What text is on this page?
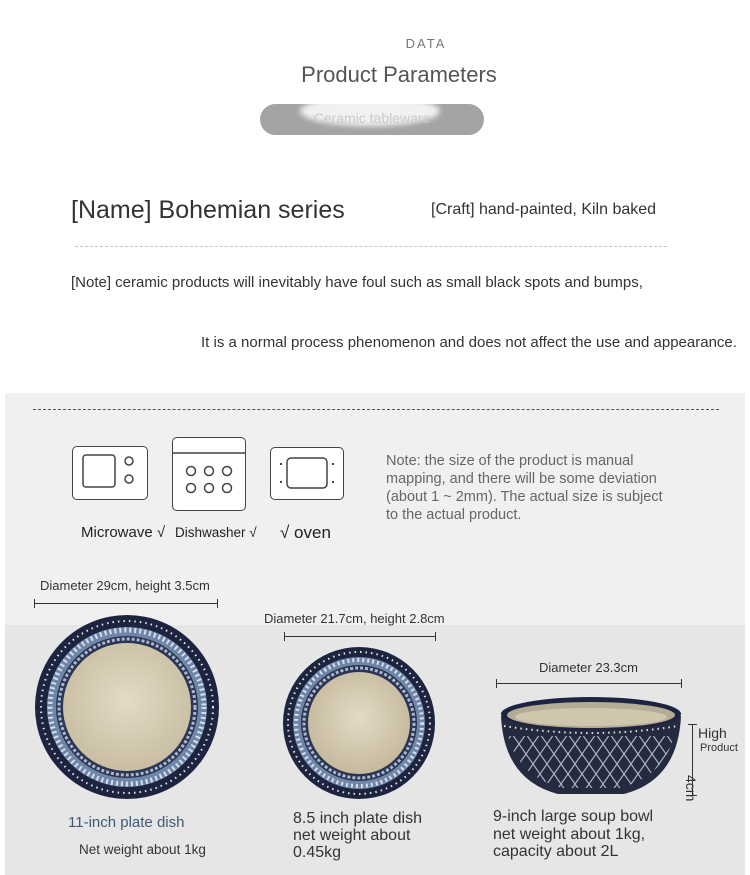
DATA
Product Parameters
Ceramic tableware
[Name] Bohemian series	[Craft] hand-painted, Kiln baked
[Note] ceramic products will inevitably have foul such as small black spots and bumps,
It is a normal process phenomenon and does not affect the use and appearance.
Microwave √ Dishwasher √ √ oven
Note: the size of the product is manual mapping, and there will be some deviation (about 1 ~ 2mm). The actual size is subject to the actual product.
Diameter 29cm, height 3.5cm
11-inch plate dish
Net weight about 1kg
Diameter 21.7cm, height 2.8cm
8.5 inch plate dish
net weight about 0.45kg
Diameter 23.3cm
High
Product
4cm
9-inch large soup bowl
net weight about 1kg, capacity about 2L
